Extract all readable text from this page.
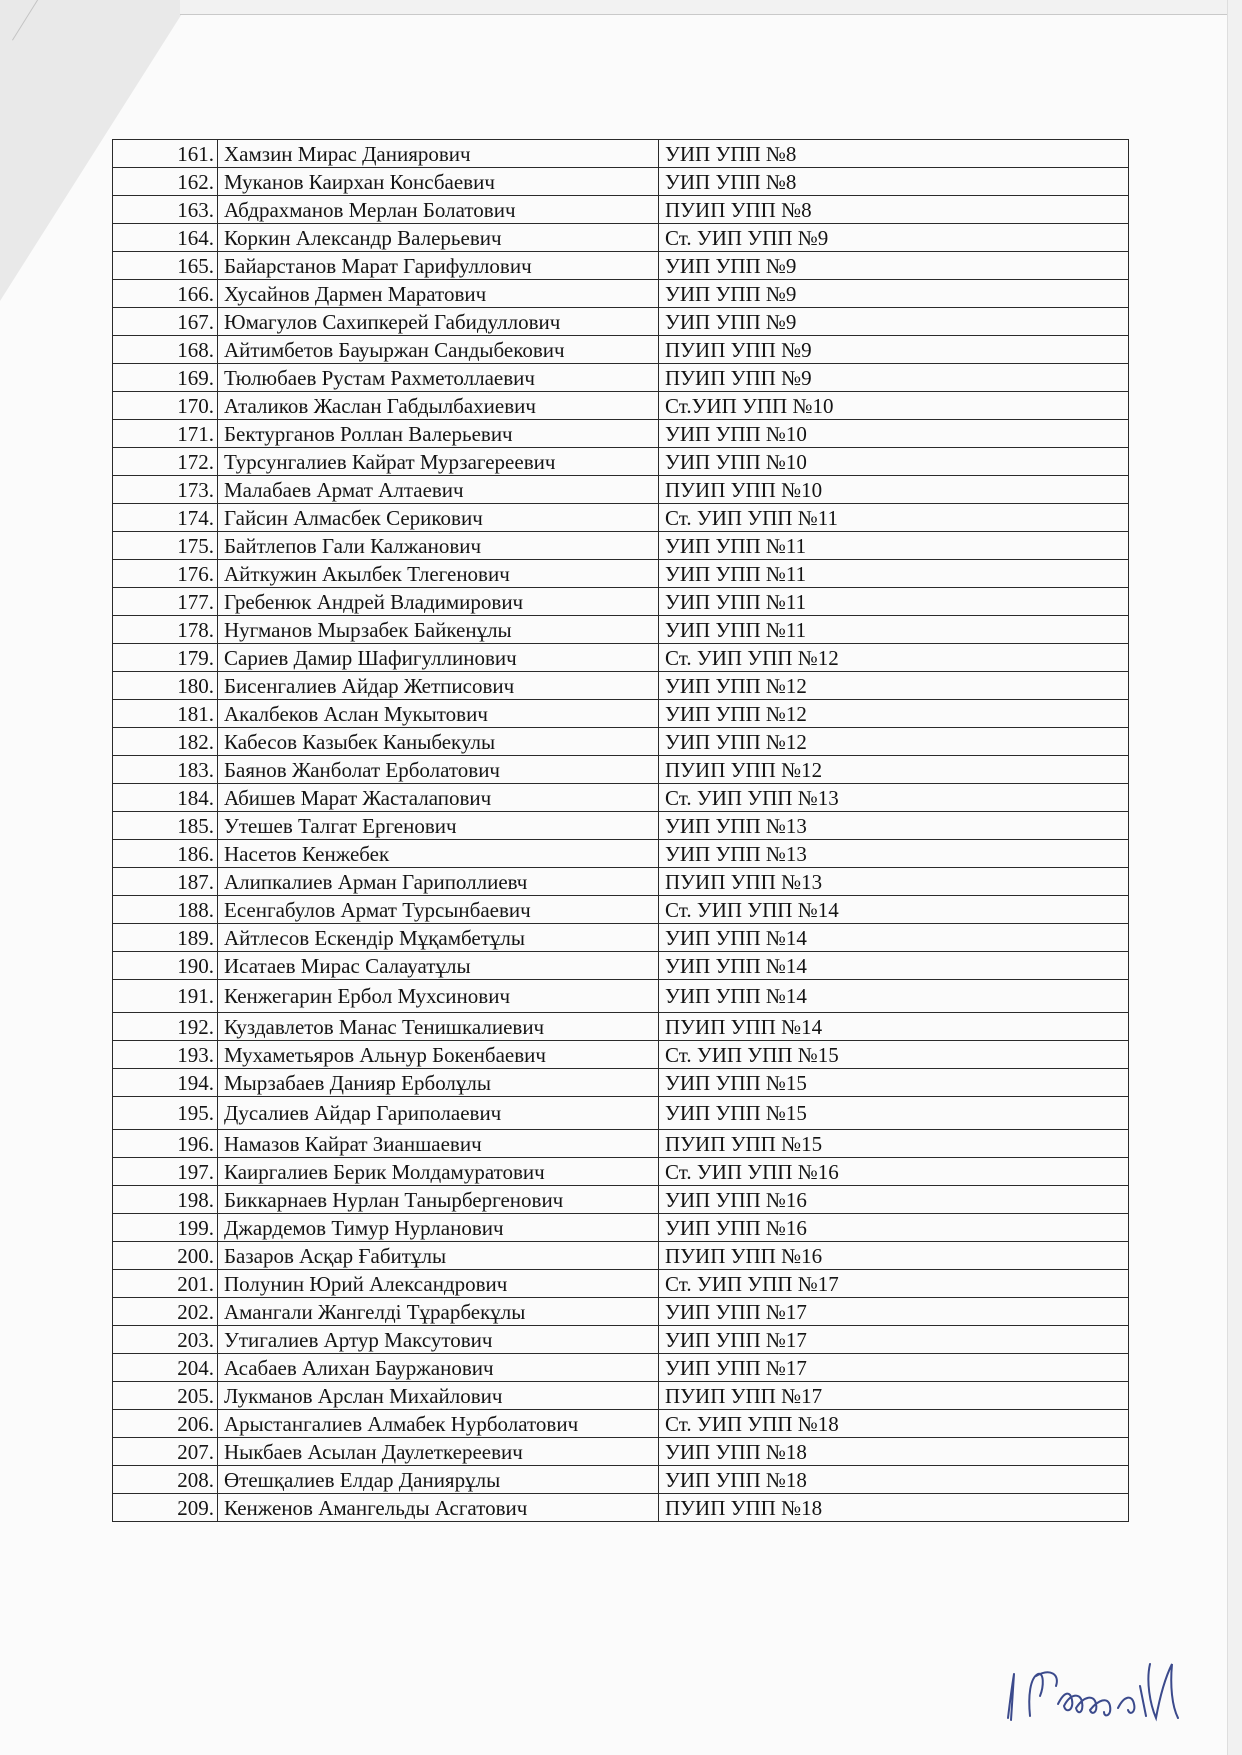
161.	Хамзин Мирас Даниярович	УИП УПП №8
162.	Муканов Каирхан Консбаевич	УИП УПП №8
163.	Абдрахманов Мерлан Болатович	ПУИП УПП №8
164.	Коркин Александр Валерьевич	Ст. УИП УПП №9
165.	Байарстанов Марат Гарифуллович	УИП УПП №9
166.	Хусайнов Дармен Маратович	УИП УПП №9
167.	Юмагулов Сахипкерей Габидуллович	УИП УПП №9
168.	Айтимбетов Бауыржан Сандыбекович	ПУИП УПП №9
169.	Тюлюбаев Рустам Рахметоллаевич	ПУИП УПП №9
170.	Аталиков Жаслан Габдылбахиевич	Ст.УИП УПП №10
171.	Бектурганов Роллан Валерьевич	УИП УПП №10
172.	Турсунгалиев Кайрат Мурзагереевич	УИП УПП №10
173.	Малабаев Армат Алтаевич	ПУИП УПП №10
174.	Гайсин Алмасбек Серикович	Ст. УИП УПП №11
175.	Байтлепов Гали Калжанович	УИП УПП №11
176.	Айткужин Акылбек Тлегенович	УИП УПП №11
177.	Гребенюк Андрей Владимирович	УИП УПП №11
178.	Нугманов Мырзабек Байкенұлы	УИП УПП №11
179.	Сариев Дамир Шафигуллинович	Ст. УИП УПП №12
180.	Бисенгалиев Айдар Жетписович	УИП УПП №12
181.	Акалбеков Аслан Мукытович	УИП УПП №12
182.	Кабесов Казыбек Каныбекулы	УИП УПП №12
183.	Баянов Жанболат Ерболатович	ПУИП УПП №12
184.	Абишев Марат Жасталапович	Ст. УИП УПП №13
185.	Утешев Талгат Ергенович	УИП УПП №13
186.	Насетов Кенжебек	УИП УПП №13
187.	Алипкалиев Арман Гариполлиевч	ПУИП УПП №13
188.	Есенгабулов Армат Турсынбаевич	Ст. УИП УПП №14
189.	Айтлесов Ескендір Мұқамбетұлы	УИП УПП №14
190.	Исатаев Мирас Салауатұлы	УИП УПП №14
191.	Кенжегарин Ербол Мухсинович	УИП УПП №14
192.	Куздавлетов Манас Тенишкалиевич	ПУИП УПП №14
193.	Мухаметьяров Альнур Бокенбаевич	Ст. УИП УПП №15
194.	Мырзабаев Данияр Ерболұлы	УИП УПП №15
195.	Дусалиев Айдар Гариполаевич	УИП УПП №15
196.	Намазов Кайрат Зианшаевич	ПУИП УПП №15
197.	Каиргалиев Берик Молдамуратович	Ст. УИП УПП №16
198.	Биккарнаев Нурлан Танырбергенович	УИП УПП №16
199.	Джардемов Тимур Нурланович	УИП УПП №16
200.	Базаров Асқар Ғабитұлы	ПУИП УПП №16
201.	Полунин Юрий Александрович	Ст. УИП УПП №17
202.	Амангали Жангелді Тұрарбекұлы	УИП УПП №17
203.	Утигалиев Артур Максутович	УИП УПП №17
204.	Асабаев Алихан Бауржанович	УИП УПП №17
205.	Лукманов Арслан Михайлович	ПУИП УПП №17
206.	Арыстангалиев Алмабек Нурболатович	Ст. УИП УПП №18
207.	Ныкбаев Асылан Даулеткереевич	УИП УПП №18
208.	Өтешқалиев Елдар Даниярұлы	УИП УПП №18
209.	Кенженов Амангельды Асгатович	ПУИП УПП №18
